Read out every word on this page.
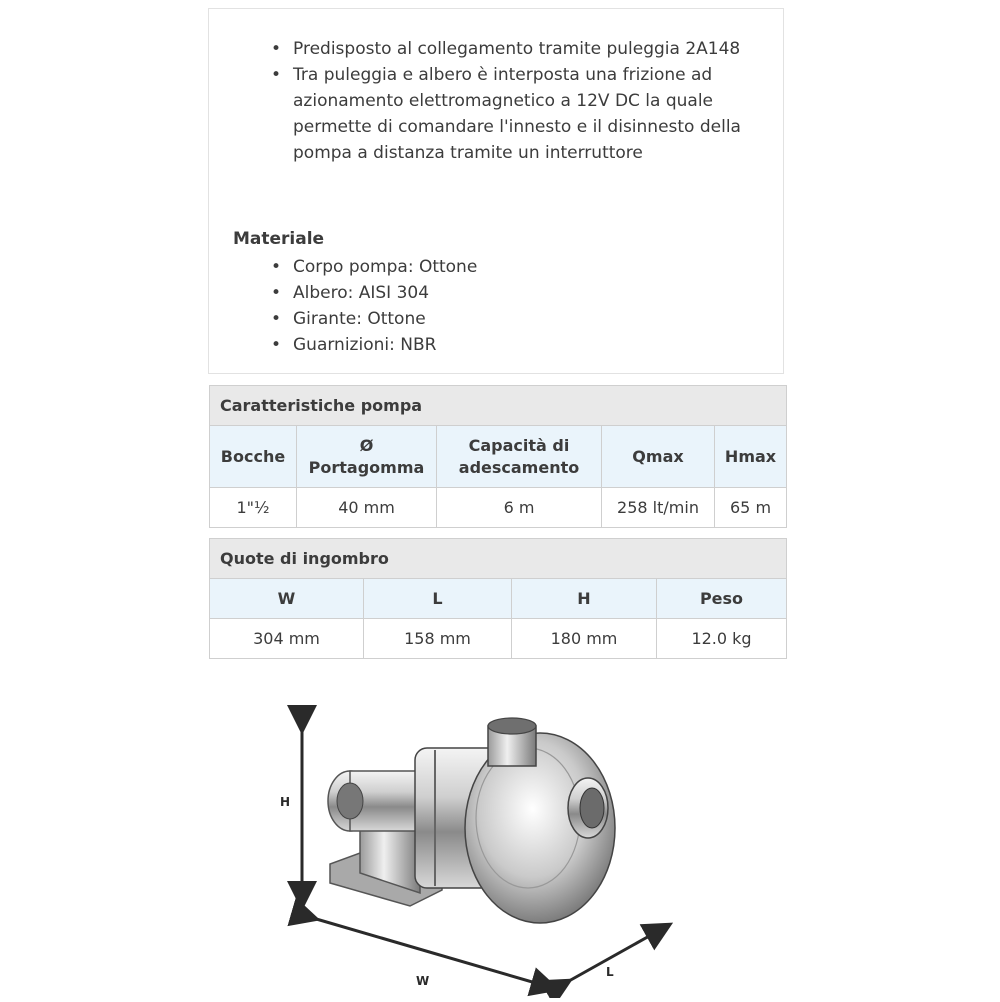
• Predisposto al collegamento tramite puleggia 2A148
• Tra puleggia e albero è interposta una frizione ad azionamento elettromagnetico a 12V DC la quale permette di comandare l'innesto e il disinnesto della pompa a distanza tramite un interruttore
Materiale
• Corpo pompa: Ottone
• Albero: AISI 304
• Girante: Ottone
• Guarnizioni: NBR
Caratteristiche pompa				
Bocche	Ø Portagomma	Capacità di adescamento	Qmax	Hmax
1"½	40 mm	6 m	258 lt/min	65 m
Quote di ingombro			
W	L	H	Peso
304 mm	158 mm	180 mm	12.0 kg
H
W
L
